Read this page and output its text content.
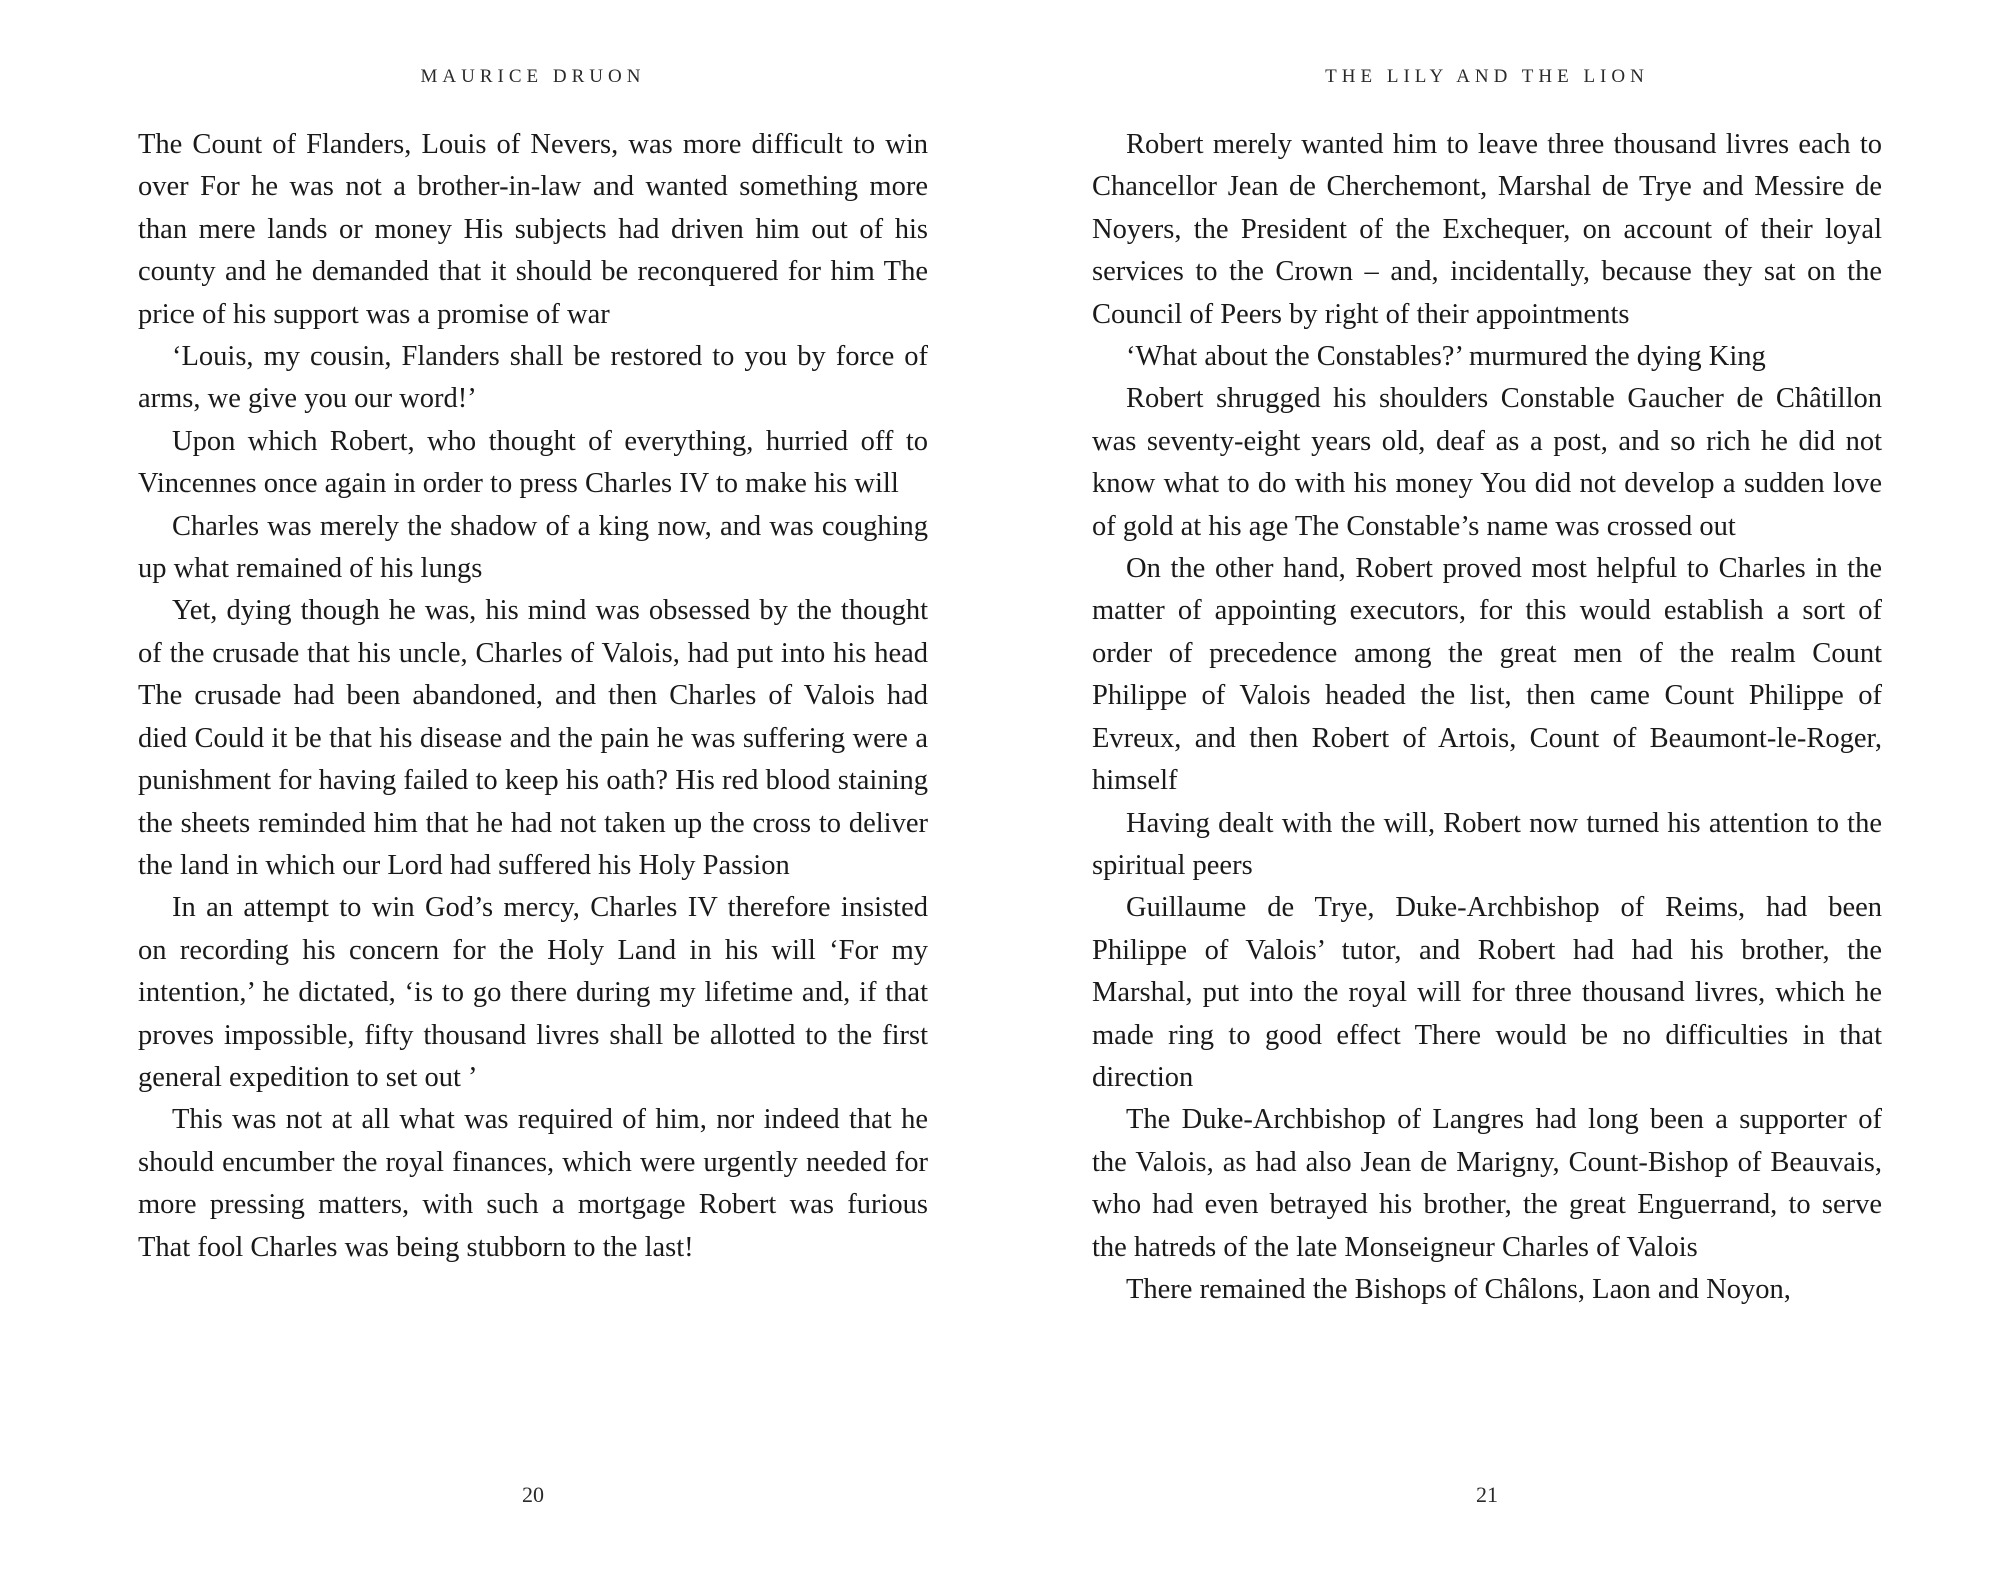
MAURICE DRUON

The Count of Flanders, Louis of Nevers, was more difficult to win over For he was not a brother-in-law and wanted something more than mere lands or money His subjects had driven him out of his county and he demanded that it should be reconquered for him The price of his support was a promise of war

‘Louis, my cousin, Flanders shall be restored to you by force of arms, we give you our word!’

Upon which Robert, who thought of everything, hurried off to Vincennes once again in order to press Charles IV to make his will

Charles was merely the shadow of a king now, and was coughing up what remained of his lungs

Yet, dying though he was, his mind was obsessed by the thought of the crusade that his uncle, Charles of Valois, had put into his head The crusade had been abandoned, and then Charles of Valois had died Could it be that his disease and the pain he was suffering were a punishment for having failed to keep his oath? His red blood staining the sheets reminded him that he had not taken up the cross to deliver the land in which our Lord had suffered his Holy Passion

In an attempt to win God’s mercy, Charles IV therefore insisted on recording his concern for the Holy Land in his will ‘For my intention,’ he dictated, ‘is to go there during my lifetime and, if that proves impossible, fifty thousand livres shall be allotted to the first general expedition to set out ’

This was not at all what was required of him, nor indeed that he should encumber the royal finances, which were urgently needed for more pressing matters, with such a mortgage Robert was furious That fool Charles was being stubborn to the last!

20
THE LILY AND THE LION

Robert merely wanted him to leave three thousand livres each to Chancellor Jean de Cherchemont, Marshal de Trye and Messire de Noyers, the President of the Exchequer, on account of their loyal services to the Crown – and, incidentally, because they sat on the Council of Peers by right of their appointments

‘What about the Constables?’ murmured the dying King

Robert shrugged his shoulders Constable Gaucher de Châtillon was seventy-eight years old, deaf as a post, and so rich he did not know what to do with his money You did not develop a sudden love of gold at his age The Constable’s name was crossed out

On the other hand, Robert proved most helpful to Charles in the matter of appointing executors, for this would establish a sort of order of precedence among the great men of the realm Count Philippe of Valois headed the list, then came Count Philippe of Evreux, and then Robert of Artois, Count of Beaumont-le-Roger, himself

Having dealt with the will, Robert now turned his attention to the spiritual peers

Guillaume de Trye, Duke-Archbishop of Reims, had been Philippe of Valois’ tutor, and Robert had had his brother, the Marshal, put into the royal will for three thousand livres, which he made ring to good effect There would be no difficulties in that direction

The Duke-Archbishop of Langres had long been a supporter of the Valois, as had also Jean de Marigny, Count-Bishop of Beauvais, who had even betrayed his brother, the great Enguerrand, to serve the hatreds of the late Monseigneur Charles of Valois

There remained the Bishops of Châlons, Laon and Noyon,

21
